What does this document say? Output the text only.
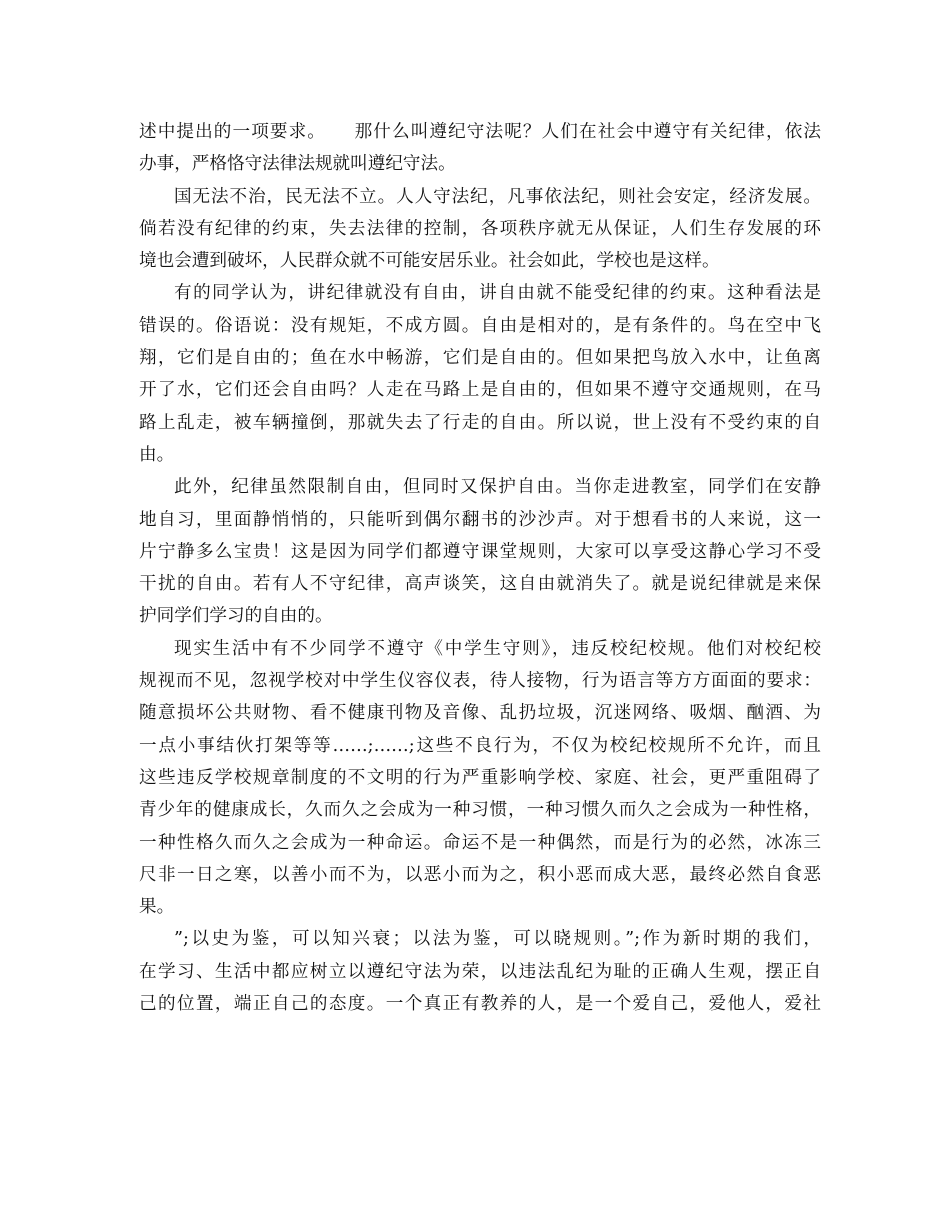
述中提出的一项要求。　　那什么叫遵纪守法呢？人们在社会中遵守有关纪律，依法
办事，严格恪守法律法规就叫遵纪守法。
国无法不治，民无法不立。人人守法纪，凡事依法纪，则社会安定，经济发展。
倘若没有纪律的约束，失去法律的控制，各项秩序就无从保证，人们生存发展的环
境也会遭到破坏，人民群众就不可能安居乐业。社会如此，学校也是这样。
有的同学认为，讲纪律就没有自由，讲自由就不能受纪律的约束。这种看法是
错误的。俗语说：没有规矩，不成方圆。自由是相对的，是有条件的。鸟在空中飞
翔，它们是自由的；鱼在水中畅游，它们是自由的。但如果把鸟放入水中，让鱼离
开了水，它们还会自由吗？人走在马路上是自由的，但如果不遵守交通规则，在马
路上乱走，被车辆撞倒，那就失去了行走的自由。所以说，世上没有不受约束的自
由。
此外，纪律虽然限制自由，但同时又保护自由。当你走进教室，同学们在安静
地自习，里面静悄悄的，只能听到偶尔翻书的沙沙声。对于想看书的人来说，这一
片宁静多么宝贵！这是因为同学们都遵守课堂规则，大家可以享受这静心学习不受
干扰的自由。若有人不守纪律，高声谈笑，这自由就消失了。就是说纪律就是来保
护同学们学习的自由的。
现实生活中有不少同学不遵守《中学生守则》，违反校纪校规。他们对校纪校
规视而不见，忽视学校对中学生仪容仪表，待人接物，行为语言等方方面面的要求：
随意损坏公共财物、看不健康刊物及音像、乱扔垃圾，沉迷网络、吸烟、酗酒、为
一点小事结伙打架等等……;……;这些不良行为，不仅为校纪校规所不允许，而且
这些违反学校规章制度的不文明的行为严重影响学校、家庭、社会，更严重阻碍了
青少年的健康成长，久而久之会成为一种习惯，一种习惯久而久之会成为一种性格，
一种性格久而久之会成为一种命运。命运不是一种偶然，而是行为的必然，冰冻三
尺非一日之寒，以善小而不为，以恶小而为之，积小恶而成大恶，最终必然自食恶
果。
”;以史为鉴，可以知兴衰；以法为鉴，可以晓规则。”;作为新时期的我们，
在学习、生活中都应树立以遵纪守法为荣，以违法乱纪为耻的正确人生观，摆正自
己的位置，端正自己的态度。一个真正有教养的人，是一个爱自己，爱他人，爱社
